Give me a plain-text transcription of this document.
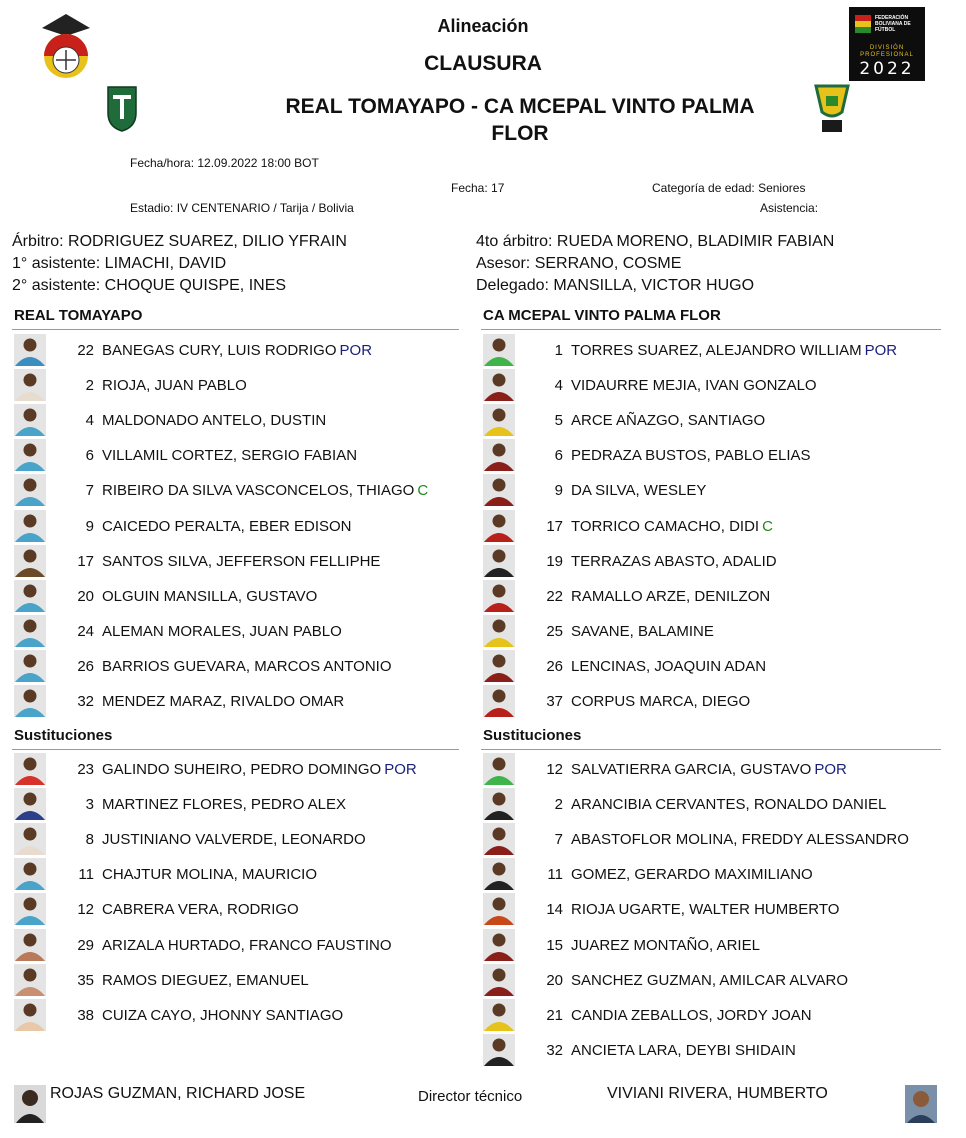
FEDERACIÓN BOLIVIANA DE FÚTBOL
DIVISIÓN PROFESIONAL
2022
Alineación
CLAUSURA
REAL TOMAYAPO - CA MCEPAL VINTO PALMA
FLOR
Fecha/hora: 12.09.2022 18:00 BOT
Fecha: 17	Categoría de edad: Seniores
Estadio: IV CENTENARIO / Tarija / Bolivia	Asistencia:
Árbitro: RODRIGUEZ SUAREZ, DILIO YFRAIN
1° asistente: LIMACHI, DAVID
2° asistente: CHOQUE QUISPE, INES
4to árbitro: RUEDA MORENO, BLADIMIR FABIAN
Asesor: SERRANO, COSME
Delegado: MANSILLA, VICTOR HUGO
REAL TOMAYAPO	CA MCEPAL VINTO PALMA FLOR
Sustituciones	Sustituciones
22 BANEGAS CURY, LUIS RODRIGO POR
2 RIOJA, JUAN PABLO
4 MALDONADO ANTELO, DUSTIN
6 VILLAMIL CORTEZ, SERGIO FABIAN
7 RIBEIRO DA SILVA VASCONCELOS, THIAGO C
9 CAICEDO PERALTA, EBER EDISON
17 SANTOS SILVA, JEFFERSON FELLIPHE
20 OLGUIN MANSILLA, GUSTAVO
24 ALEMAN MORALES, JUAN PABLO
26 BARRIOS GUEVARA, MARCOS ANTONIO
32 MENDEZ MARAZ, RIVALDO OMAR
1 TORRES SUAREZ, ALEJANDRO WILLIAM POR
4 VIDAURRE MEJIA, IVAN GONZALO
5 ARCE AÑAZGO, SANTIAGO
6 PEDRAZA BUSTOS, PABLO ELIAS
9 DA SILVA, WESLEY
17 TORRICO CAMACHO, DIDI C
19 TERRAZAS ABASTO, ADALID
22 RAMALLO ARZE, DENILZON
25 SAVANE, BALAMINE
26 LENCINAS, JOAQUIN ADAN
37 CORPUS MARCA, DIEGO
23 GALINDO SUHEIRO, PEDRO DOMINGO POR
3 MARTINEZ FLORES, PEDRO ALEX
8 JUSTINIANO VALVERDE, LEONARDO
11 CHAJTUR MOLINA, MAURICIO
12 CABRERA VERA, RODRIGO
29 ARIZALA HURTADO, FRANCO FAUSTINO
35 RAMOS DIEGUEZ, EMANUEL
38 CUIZA CAYO, JHONNY SANTIAGO
12 SALVATIERRA GARCIA, GUSTAVO POR
2 ARANCIBIA CERVANTES, RONALDO DANIEL
7 ABASTOFLOR MOLINA, FREDDY ALESSANDRO
11 GOMEZ, GERARDO MAXIMILIANO
14 RIOJA UGARTE, WALTER HUMBERTO
15 JUAREZ MONTAÑO, ARIEL
20 SANCHEZ GUZMAN, AMILCAR ALVARO
21 CANDIA ZEBALLOS, JORDY JOAN
32 ANCIETA LARA, DEYBI SHIDAIN
ROJAS GUZMAN, RICHARD JOSE	Director técnico	VIVIANI RIVERA, HUMBERTO
